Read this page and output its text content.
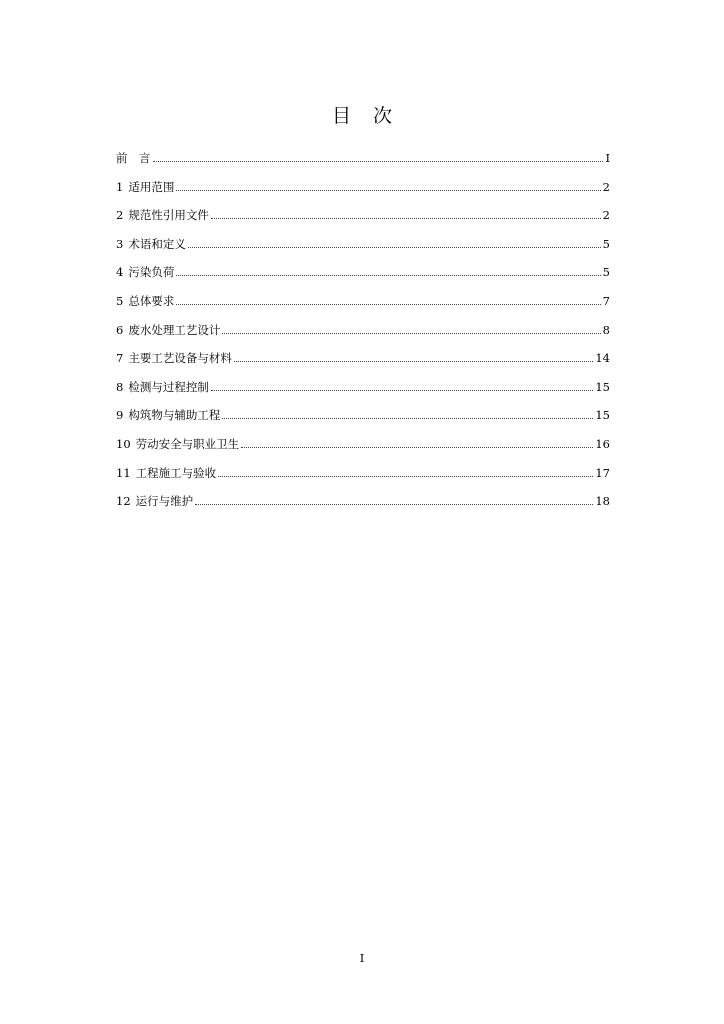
目 次
前　言	I
1 适用范围	2
2 规范性引用文件	2
3 术语和定义	5
4 污染负荷	5
5 总体要求	7
6 废水处理工艺设计	8
7 主要工艺设备与材料	14
8 检测与过程控制	15
9 构筑物与辅助工程	15
10 劳动安全与职业卫生	16
11 工程施工与验收	17
12 运行与维护	18
I
